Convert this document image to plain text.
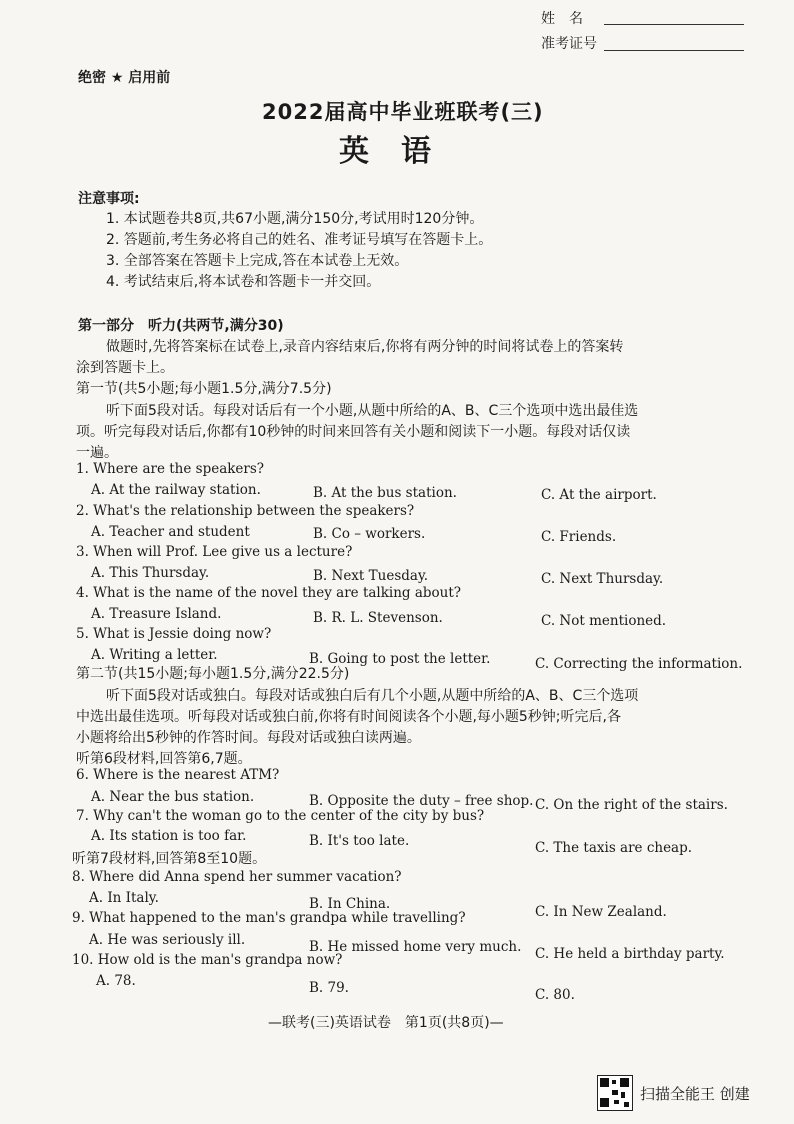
姓　名
准考证号
绝密 ★ 启用前
2022届高中毕业班联考(三)
英语
注意事项:
1. 本试题卷共8页,共67小题,满分150分,考试用时120分钟。
2. 答题前,考生务必将自己的姓名、准考证号填写在答题卡上。
3. 全部答案在答题卡上完成,答在本试卷上无效。
4. 考试结束后,将本试卷和答题卡一并交回。
第一部分　听力(共两节,满分30)
做题时,先将答案标在试卷上,录音内容结束后,你将有两分钟的时间将试卷上的答案转
涂到答题卡上。
第一节(共5小题;每小题1.5分,满分7.5分)
听下面5段对话。每段对话后有一个小题,从题中所给的A、B、C三个选项中选出最佳选
项。听完每段对话后,你都有10秒钟的时间来回答有关小题和阅读下一小题。每段对话仅读
一遍。
1. Where are the speakers?
A. At the railway station.	B. At the bus station.	C. At the airport.
2. What's the relationship between the speakers?
A. Teacher and student	B. Co – workers.	C. Friends.
3. When will Prof. Lee give us a lecture?
A. This Thursday.	B. Next Tuesday.	C. Next Thursday.
4. What is the name of the novel they are talking about?
A. Treasure Island.	B. R. L. Stevenson.	C. Not mentioned.
5. What is Jessie doing now?
A. Writing a letter.	B. Going to post the letter.	C. Correcting the information.
第二节(共15小题;每小题1.5分,满分22.5分)
听下面5段对话或独白。每段对话或独白后有几个小题,从题中所给的A、B、C三个选项
中选出最佳选项。听每段对话或独白前,你将有时间阅读各个小题,每小题5秒钟;听完后,各
小题将给出5秒钟的作答时间。每段对话或独白读两遍。
听第6段材料,回答第6,7题。
6. Where is the nearest ATM?
A. Near the bus station.	B. Opposite the duty – free shop. C. On the right of the stairs.
7. Why can't the woman go to the center of the city by bus?
A. Its station is too far.	B. It's too late.	C. The taxis are cheap.
听第7段材料,回答第8至10题。
8. Where did Anna spend her summer vacation?
A. In Italy.	B. In China.	C. In New Zealand.
9. What happened to the man's grandpa while travelling?
A. He was seriously ill.	B. He missed home very much. C. He held a birthday party.
10. How old is the man's grandpa now?
A. 78.	B. 79.	C. 80.
—联考(三)英语试卷　第1页(共8页)—
扫描全能王 创建
